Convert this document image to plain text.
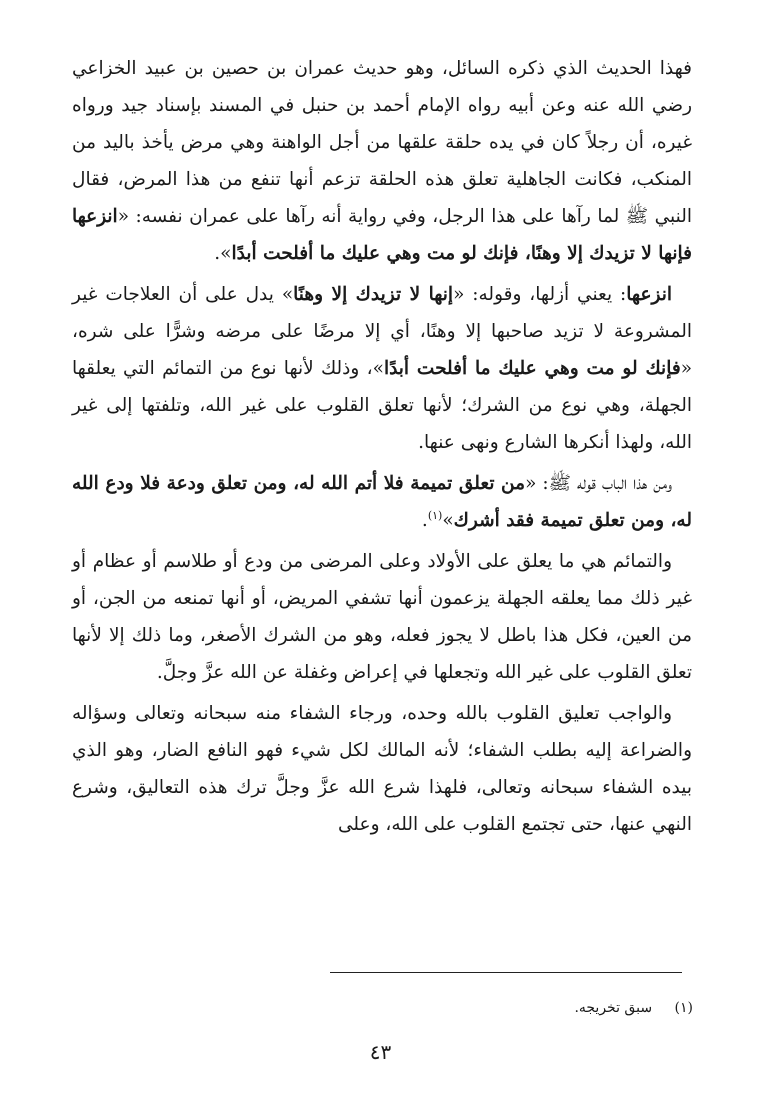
فهذا الحديث الذي ذكره السائل، وهو حديث عمران بن حصين بن عبيد الخزاعي رضي الله عنه وعن أبيه رواه الإمام أحمد بن حنبل في المسند بإسناد جيد ورواه غيره، أن رجلاً كان في يده حلقة علقها من أجل الواهنة وهي مرض يأخذ باليد من المنكب، فكانت الجاهلية تعلق هذه الحلقة تزعم أنها تنفع من هذا المرض، فقال النبي ﷺ لما رآها على هذا الرجل، وفي رواية أنه رآها على عمران نفسه: «انزعها فإنها لا تزيدك إلا وهنًا، فإنك لو مت وهي عليك ما أفلحت أبدًا».

انزعها: يعني أزلها، وقوله: «إنها لا تزيدك إلا وهنًا» يدل على أن العلاجات غير المشروعة لا تزيد صاحبها إلا وهنًا، أي إلا مرضًا على مرضه وشرًّا على شره، «فإنك لو مت وهي عليك ما أفلحت أبدًا»، وذلك لأنها نوع من التمائم التي يعلقها الجهلة، وهي نوع من الشرك؛ لأنها تعلق القلوب على غير الله، وتلفتها إلى غير الله، ولهذا أنكرها الشارع ونهى عنها.

ومن هذا الباب قوله ﷺ: «من تعلق تميمة فلا أتم الله له، ومن تعلق ودعة فلا ودع الله له، ومن تعلق تميمة فقد أشرك»$^{(١)}$.

والتمائم هي ما يعلق على الأولاد وعلى المرضى من ودع أو طلاسم أو عظام أو غير ذلك مما يعلقه الجهلة يزعمون أنها تشفي المريض، أو أنها تمنعه من الجن، أو من العين، فكل هذا باطل لا يجوز فعله، وهو من الشرك الأصغر، وما ذلك إلا لأنها تعلق القلوب على غير الله وتجعلها في إعراض وغفلة عن الله عزَّ وجلَّ.

والواجب تعليق القلوب بالله وحده، ورجاء الشفاء منه سبحانه وتعالى وسؤاله والضراعة إليه بطلب الشفاء؛ لأنه المالك لكل شيء فهو النافع الضار، وهو الذي بيده الشفاء سبحانه وتعالى، فلهذا شرع الله عزَّ وجلَّ ترك هذه التعاليق، وشرع النهي عنها، حتى تجتمع القلوب على الله، وعلى

(١) سبق تخريجه.
٤٣
